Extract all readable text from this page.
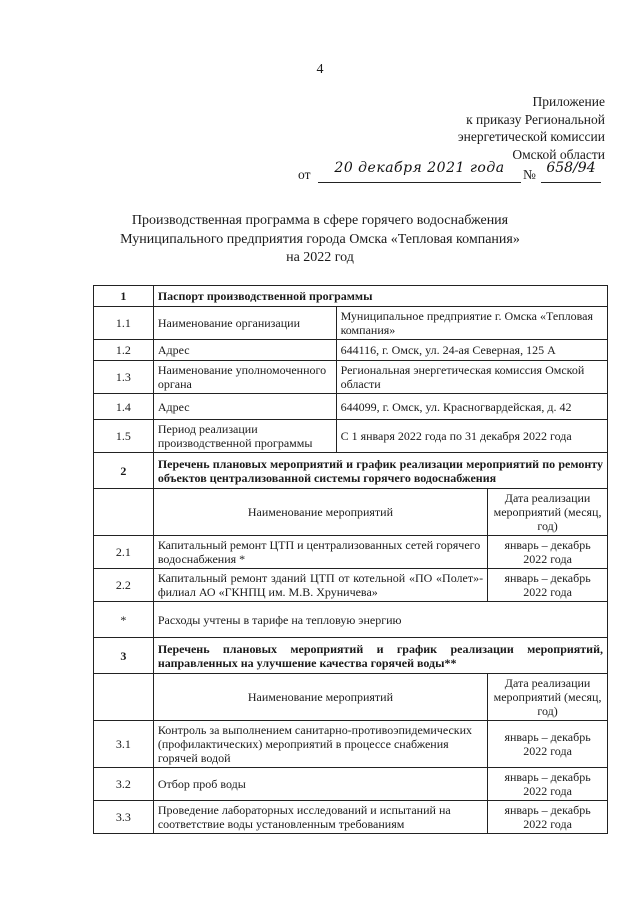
4
Приложение
к приказу Региональной
энергетической комиссии
Омской области
от	20 декабря 2021 года	№ 658/94
Производственная программа в сфере горячего водоснабжения
Муниципального предприятия города Омска «Тепловая компания»
на 2022 год
1	Паспорт производственной программы		
1.1	Наименование организации	Муниципальное предприятие г. Омска «Тепловая компания»	
1.2	Адрес	644116, г. Омск, ул. 24-ая Северная, 125 А	
1.3	Наименование уполномоченного органа	Региональная энергетическая комиссия Омской области	
1.4	Адрес	644099, г. Омск, ул. Красногвардейская, д. 42	
1.5	Период реализации производственной программы	С 1 января 2022 года по 31 декабря 2022 года	
2	Перечень плановых мероприятий и график реализации мероприятий по ремонту объектов централизованной системы горячего водоснабжения		
	Наименование мероприятий		Дата реализации мероприятий (месяц, год)
2.1	Капитальный ремонт ЦТП и централизованных сетей горячего водоснабжения *		январь – декабрь 2022 года
2.2	Капитальный ремонт зданий ЦТП от котельной «ПО «Полет»-филиал АО «ГКНПЦ им. М.В. Хруничева»		январь – декабрь 2022 года
*	Расходы учтены в тарифе на тепловую энергию		
3	Перечень плановых мероприятий и график реализации мероприятий, направленных на улучшение качества горячей воды**		
	Наименование мероприятий		Дата реализации мероприятий (месяц, год)
3.1	Контроль за выполнением санитарно-противоэпидемических (профилактических) мероприятий в процессе снабжения горячей водой		январь – декабрь 2022 года
3.2	Отбор проб воды		январь – декабрь 2022 года
3.3	Проведение лабораторных исследований и испытаний на соответствие воды установленным требованиям		январь – декабрь 2022 года
